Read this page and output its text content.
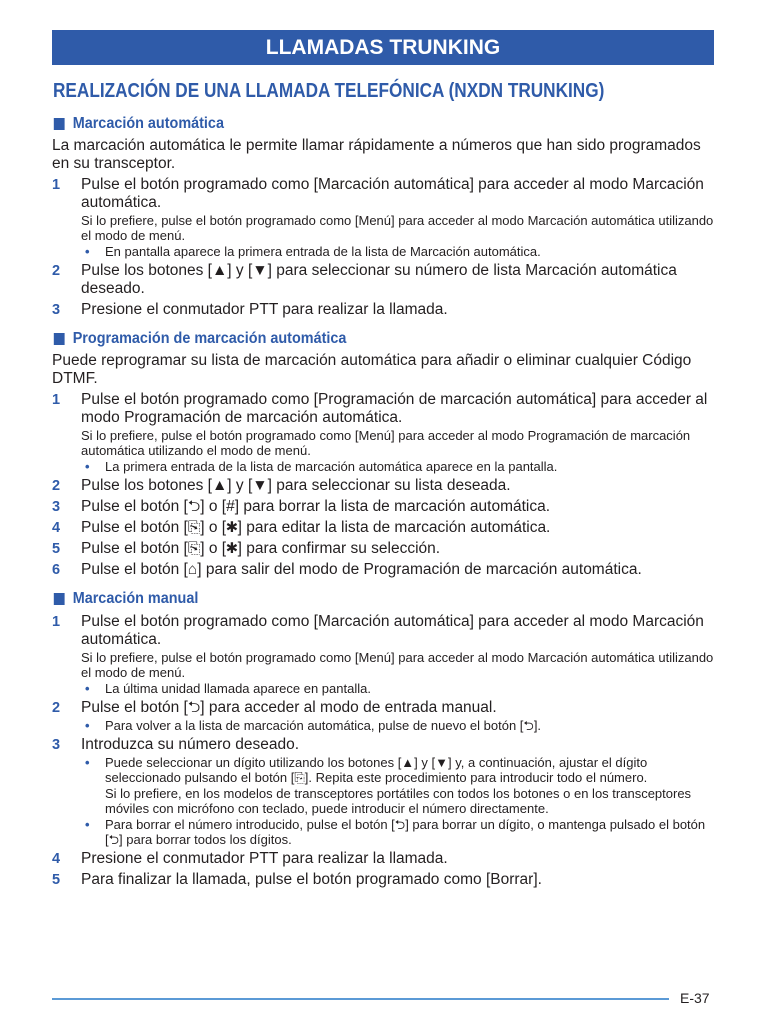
LLAMADAS TRUNKING
REALIZACIÓN DE UNA LLAMADA TELEFÓNICA (NXDN TRUNKING)
Marcación automática

La marcación automática le permite llamar rápidamente a números que han sido programados en su transceptor.

1 Pulse el botón programado como [Marcación automática] para acceder al modo Marcación automática.
Si lo prefiere, pulse el botón programado como [Menú] para acceder al modo Marcación automática utilizando el modo de menú.
• En pantalla aparece la primera entrada de la lista de Marcación automática.
2 Pulse los botones [▲] y [▼] para seleccionar su número de lista Marcación automática deseado.
3 Presione el conmutador PTT para realizar la llamada.
Programación de marcación automática

Puede reprogramar su lista de marcación automática para añadir o eliminar cualquier Código DTMF.

1 Pulse el botón programado como [Programación de marcación automática] para acceder al modo Programación de marcación automática.
Si lo prefiere, pulse el botón programado como [Menú] para acceder al modo Programación de marcación automática utilizando el modo de menú.
• La primera entrada de la lista de marcación automática aparece en la pantalla.
2 Pulse los botones [▲] y [▼] para seleccionar su lista deseada.
3 Pulse el botón [⮌] o [#] para borrar la lista de marcación automática.
4 Pulse el botón [⎘] o [✱] para editar la lista de marcación automática.
5 Pulse el botón [⎘] o [✱] para confirmar su selección.
6 Pulse el botón [⌂] para salir del modo de Programación de marcación automática.
Marcación manual
1 Pulse el botón programado como [Marcación automática] para acceder al modo Marcación automática.
Si lo prefiere, pulse el botón programado como [Menú] para acceder al modo Marcación automática utilizando el modo de menú.
• La última unidad llamada aparece en pantalla.
2 Pulse el botón [⮌] para acceder al modo de entrada manual.
• Para volver a la lista de marcación automática, pulse de nuevo el botón [⮌].
3 Introduzca su número deseado.
• Puede seleccionar un dígito utilizando los botones [▲] y [▼] y, a continuación, ajustar el dígito seleccionado pulsando el botón [⎘]. Repita este procedimiento para introducir todo el número.
Si lo prefiere, en los modelos de transceptores portátiles con todos los botones o en los transceptores móviles con micrófono con teclado, puede introducir el número directamente.
• Para borrar el número introducido, pulse el botón [⮌] para borrar un dígito, o mantenga pulsado el botón [⮌] para borrar todos los dígitos.
4 Presione el conmutador PTT para realizar la llamada.
5 Para finalizar la llamada, pulse el botón programado como [Borrar].
E-37
